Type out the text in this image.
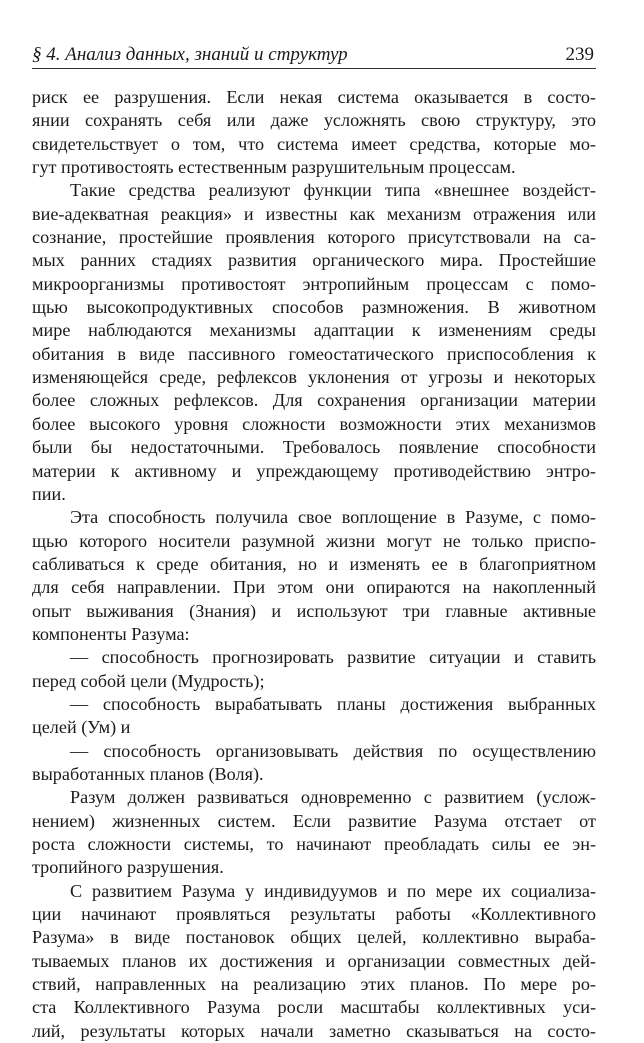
§ 4. Анализ данных, знаний и структур	239
риск ее разрушения. Если некая система оказывается в состо-
янии сохранять себя или даже усложнять свою структуру, это
свидетельствует о том, что система имеет средства, которые мо-
гут противостоять естественным разрушительным процессам.
Такие средства реализуют функции типа «внешнее воздейст-
вие-адекватная реакция» и известны как механизм отражения или
сознание, простейшие проявления которого присутствовали на са-
мых ранних стадиях развития органического мира. Простейшие
микроорганизмы противостоят энтропийным процессам с помо-
щью высокопродуктивных способов размножения. В животном
мире наблюдаются механизмы адаптации к изменениям среды
обитания в виде пассивного гомеостатического приспособления к
изменяющейся среде, рефлексов уклонения от угрозы и некоторых
более сложных рефлексов. Для сохранения организации материи
более высокого уровня сложности возможности этих механизмов
были бы недостаточными. Требовалось появление способности
материи к активному и упреждающему противодействию энтро-
пии.
Эта способность получила свое воплощение в Разуме, с помо-
щью которого носители разумной жизни могут не только приспо-
сабливаться к среде обитания, но и изменять ее в благоприятном
для себя направлении. При этом они опираются на накопленный
опыт выживания (Знания) и используют три главные активные
компоненты Разума:
— способность прогнозировать развитие ситуации и ставить
перед собой цели (Мудрость);
— способность вырабатывать планы достижения выбранных
целей (Ум) и
— способность организовывать действия по осуществлению
выработанных планов (Воля).
Разум должен развиваться одновременно с развитием (услож-
нением) жизненных систем. Если развитие Разума отстает от
роста сложности системы, то начинают преобладать силы ее эн-
тропийного разрушения.
С развитием Разума у индивидуумов и по мере их социализа-
ции начинают проявляться результаты работы «Коллективного
Разума» в виде постановок общих целей, коллективно выраба-
тываемых планов их достижения и организации совместных дей-
ствий, направленных на реализацию этих планов. По мере ро-
ста Коллективного Разума росли масштабы коллективных уси-
лий, результаты которых начали заметно сказываться на состо-
